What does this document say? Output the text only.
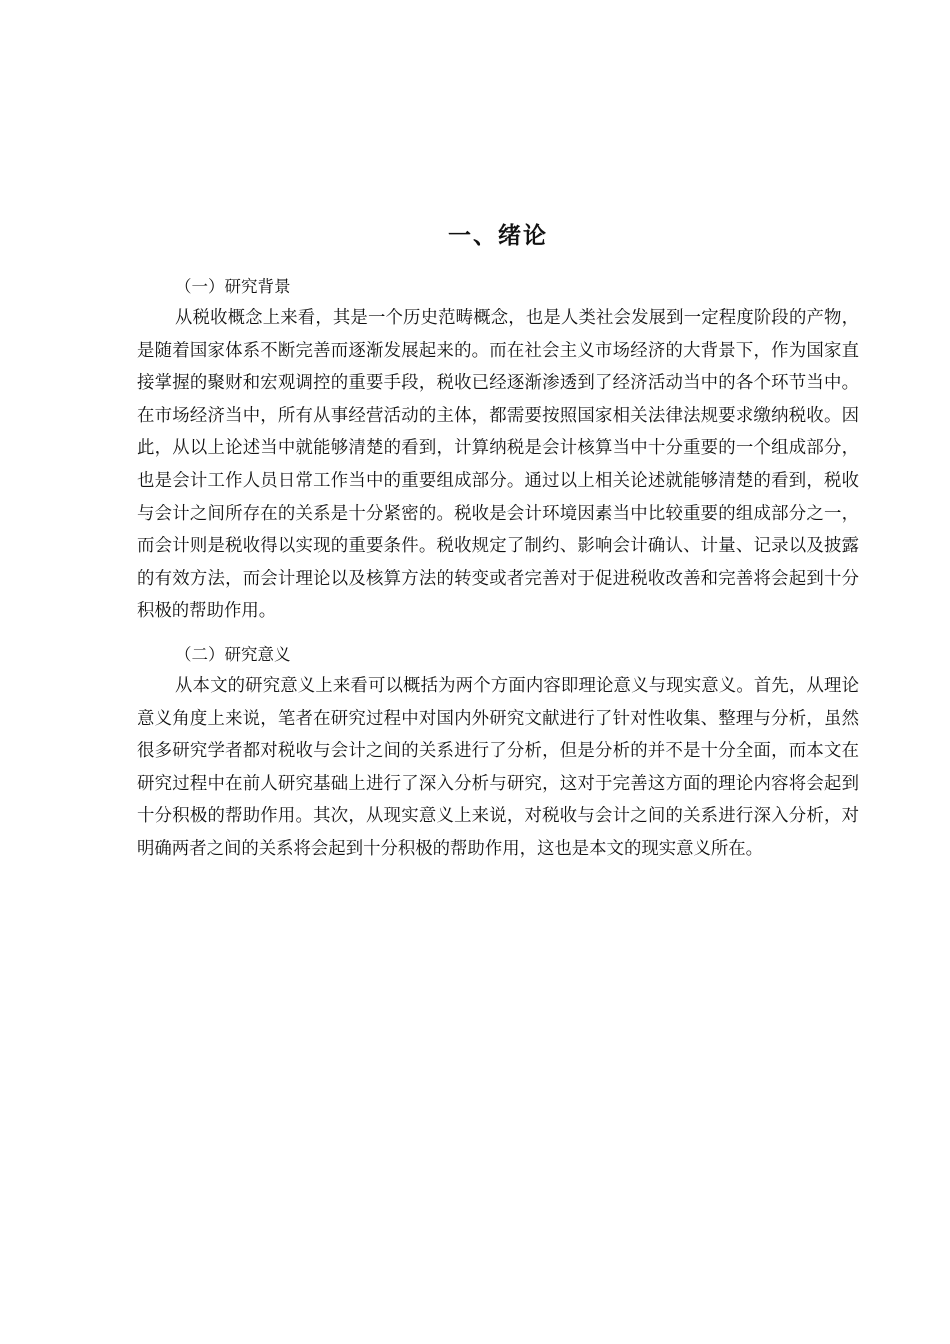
一、绪论

（一）研究背景

从税收概念上来看，其是一个历史范畴概念，也是人类社会发展到一定程度阶段的产物，是随着国家体系不断完善而逐渐发展起来的。而在社会主义市场经济的大背景下，作为国家直接掌握的聚财和宏观调控的重要手段，税收已经逐渐渗透到了经济活动当中的各个环节当中。在市场经济当中，所有从事经营活动的主体，都需要按照国家相关法律法规要求缴纳税收。因此，从以上论述当中就能够清楚的看到，计算纳税是会计核算当中十分重要的一个组成部分，也是会计工作人员日常工作当中的重要组成部分。通过以上相关论述就能够清楚的看到，税收与会计之间所存在的关系是十分紧密的。税收是会计环境因素当中比较重要的组成部分之一，而会计则是税收得以实现的重要条件。税收规定了制约、影响会计确认、计量、记录以及披露的有效方法，而会计理论以及核算方法的转变或者完善对于促进税收改善和完善将会起到十分积极的帮助作用。

（二）研究意义

从本文的研究意义上来看可以概括为两个方面内容即理论意义与现实意义。首先，从理论意义角度上来说，笔者在研究过程中对国内外研究文献进行了针对性收集、整理与分析，虽然很多研究学者都对税收与会计之间的关系进行了分析，但是分析的并不是十分全面，而本文在研究过程中在前人研究基础上进行了深入分析与研究，这对于完善这方面的理论内容将会起到十分积极的帮助作用。其次，从现实意义上来说，对税收与会计之间的关系进行深入分析，对明确两者之间的关系将会起到十分积极的帮助作用，这也是本文的现实意义所在。
